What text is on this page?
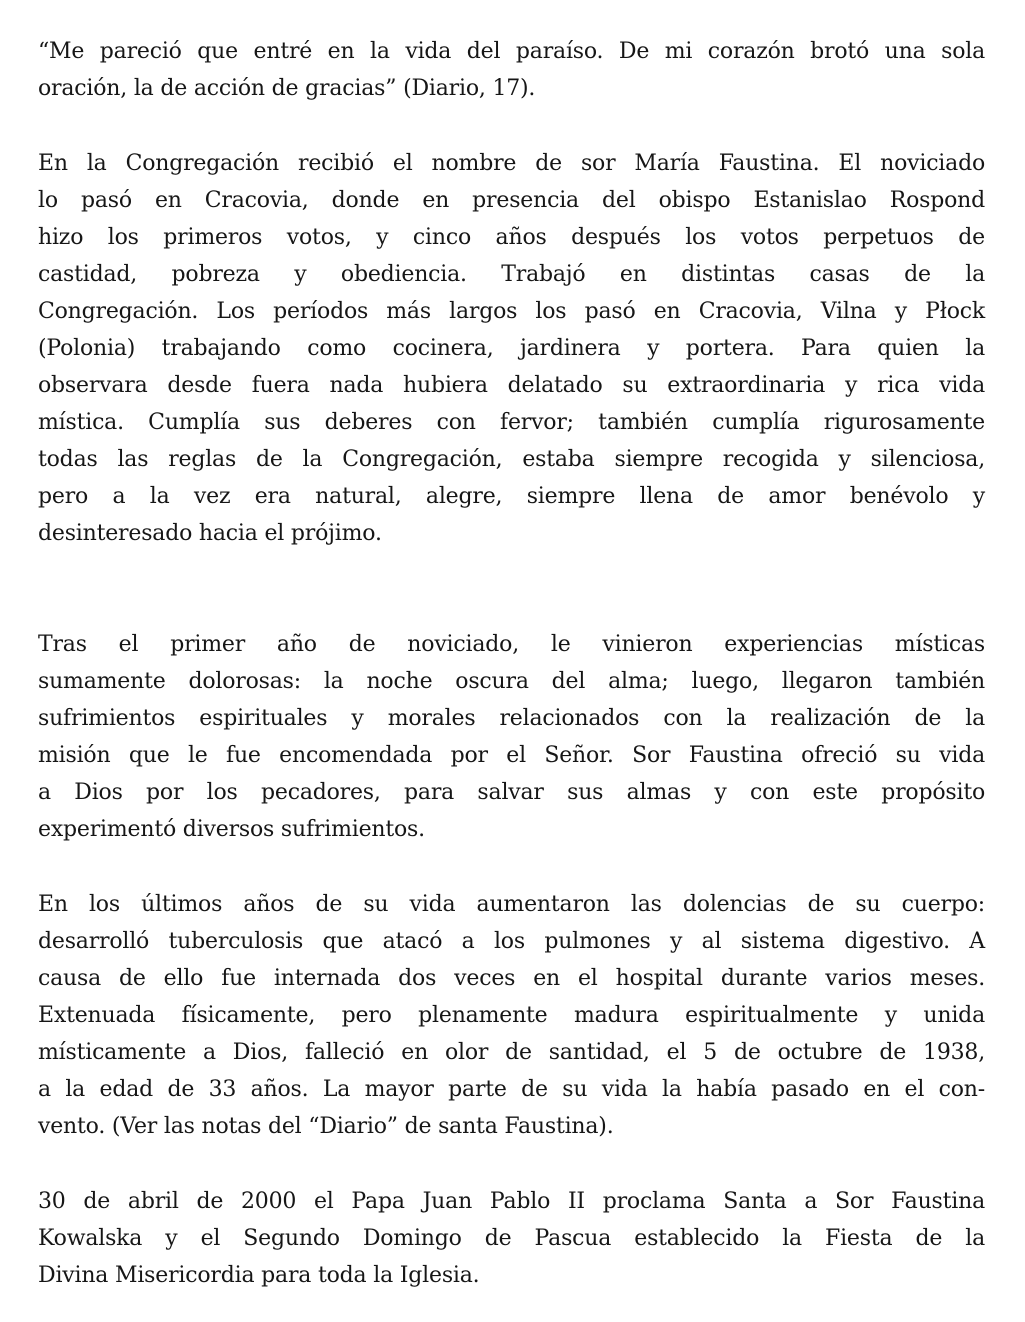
“Me pareció que entré en la vida del paraíso. De mi corazón brotó una sola
oración, la de acción de gracias” (Diario, 17).
En la Congregación recibió el nombre de sor María Faustina. El noviciado
lo pasó en Cracovia, donde en presencia del obispo Estanislao Rospond
hizo los primeros votos, y cinco años después los votos perpetuos de
castidad, pobreza y obediencia. Trabajó en distintas casas de la
Congregación. Los períodos más largos los pasó en Cracovia, Vilna y Płock
(Polonia) trabajando como cocinera, jardinera y portera. Para quien la
observara desde fuera nada hubiera delatado su extraordinaria y rica vida
mística. Cumplía sus deberes con fervor; también cumplía rigurosamente
todas las reglas de la Congregación, estaba siempre recogida y silenciosa,
pero a la vez era natural, alegre, siempre llena de amor benévolo y
desinteresado hacia el prójimo.
Tras el primer año de noviciado, le vinieron experiencias místicas
sumamente dolorosas: la noche oscura del alma; luego, llegaron también
sufrimientos espirituales y morales relacionados con la realización de la
misión que le fue encomendada por el Señor. Sor Faustina ofreció su vida
a Dios por los pecadores, para salvar sus almas y con este propósito
experimentó diversos sufrimientos.
En los últimos años de su vida aumentaron las dolencias de su cuerpo:
desarrolló tuberculosis que atacó a los pulmones y al sistema digestivo. A
causa de ello fue internada dos veces en el hospital durante varios meses.
Extenuada físicamente, pero plenamente madura espiritualmente y unida
místicamente a Dios, falleció en olor de santidad, el 5 de octubre de 1938,
a la edad de 33 años. La mayor parte de su vida la había pasado en el con-
vento. (Ver las notas del “Diario” de santa Faustina).
30 de abril de 2000 el Papa Juan Pablo II proclama Santa a Sor Faustina
Kowalska y el Segundo Domingo de Pascua establecido la Fiesta de la
Divina Misericordia para toda la Iglesia.
